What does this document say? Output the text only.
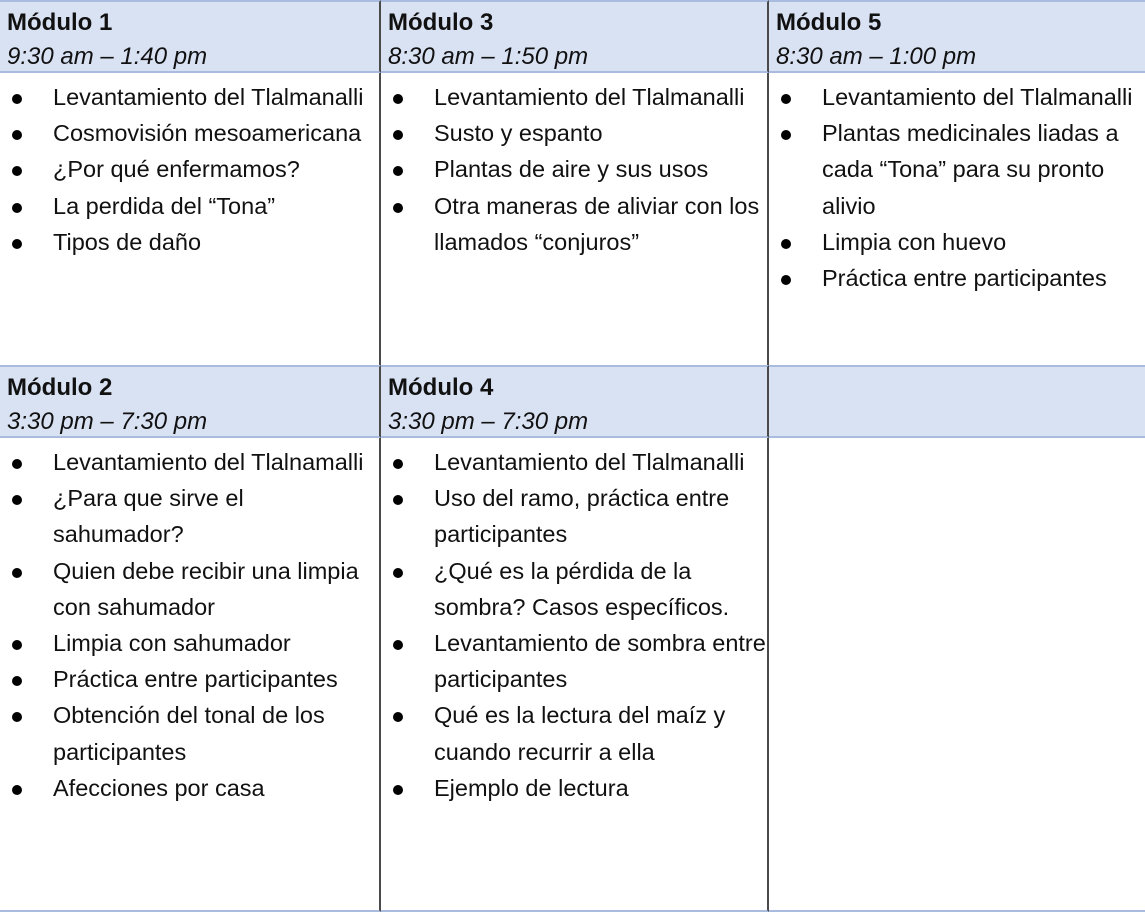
Módulo 1
9:30 am – 1:40 pm
Módulo 3
8:30 am – 1:50 pm
Módulo 5
8:30 am – 1:00 pm
Levantamiento del Tlalmanalli
Cosmovisión mesoamericana
¿Por qué enfermamos?
La perdida del “Tona”
Tipos de daño
Levantamiento del Tlalmanalli
Susto y espanto
Plantas de aire y sus usos
Otra maneras de aliviar con los llamados “conjuros”
Levantamiento del Tlalmanalli
Plantas medicinales liadas a cada “Tona” para su pronto alivio
Limpia con huevo
Práctica entre participantes
Módulo 2
3:30 pm – 7:30 pm
Módulo 4
3:30 pm – 7:30 pm
Levantamiento del Tlalnamalli
¿Para que sirve el sahumador?
Quien debe recibir una limpia con sahumador
Limpia con sahumador
Práctica entre participantes
Obtención del tonal de los participantes
Afecciones por casa
Levantamiento del Tlalmanalli
Uso del ramo, práctica entre participantes
¿Qué es la pérdida de la sombra? Casos específicos.
Levantamiento de sombra entre participantes
Qué es la lectura del maíz y cuando recurrir a ella
Ejemplo de lectura
